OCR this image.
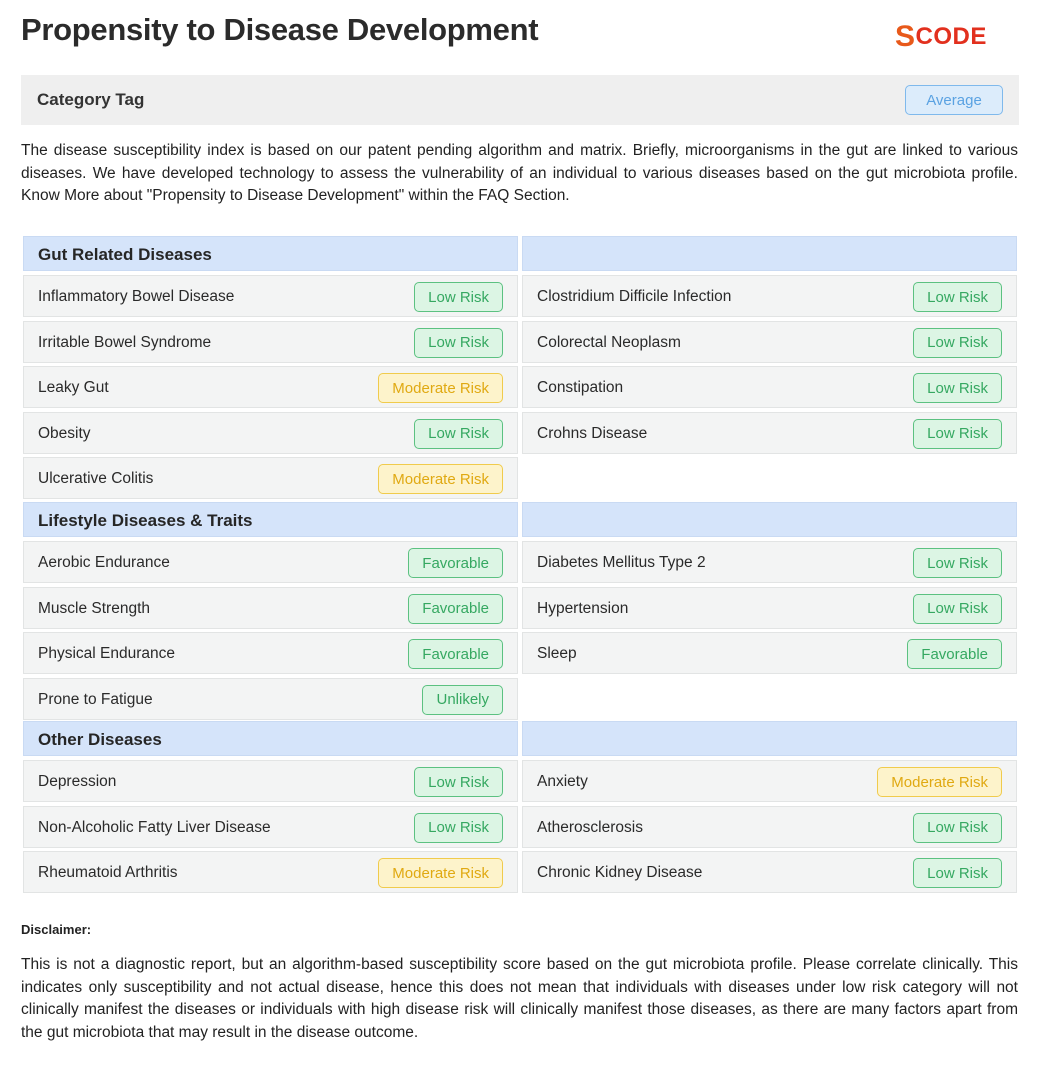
Propensity to Disease Development	S CODE
Category Tag	Average
The disease susceptibility index is based on our patent pending algorithm and matrix. Briefly, microorganisms in the gut are linked to various diseases. We have developed technology to assess the vulnerability of an individual to various diseases based on the gut microbiota profile. Know More about "Propensity to Disease Development" within the FAQ Section.
Gut Related Diseases
Inflammatory Bowel Disease	Low Risk	Clostridium Difficile Infection	Low Risk
Irritable Bowel Syndrome	Low Risk	Colorectal Neoplasm	Low Risk
Leaky Gut	Moderate Risk	Constipation	Low Risk
Obesity	Low Risk	Crohns Disease	Low Risk
Ulcerative Colitis	Moderate Risk
Lifestyle Diseases & Traits
Aerobic Endurance	Favorable	Diabetes Mellitus Type 2	Low Risk
Muscle Strength	Favorable	Hypertension	Low Risk
Physical Endurance	Favorable	Sleep	Favorable
Prone to Fatigue	Unlikely
Other Diseases
Depression	Low Risk	Anxiety	Moderate Risk
Non-Alcoholic Fatty Liver Disease	Low Risk	Atherosclerosis	Low Risk
Rheumatoid Arthritis	Moderate Risk	Chronic Kidney Disease	Low Risk
Disclaimer:
This is not a diagnostic report, but an algorithm-based susceptibility score based on the gut microbiota profile. Please correlate clinically. This indicates only susceptibility and not actual disease, hence this does not mean that individuals with diseases under low risk category will not clinically manifest the diseases or individuals with high disease risk will clinically manifest those diseases, as there are many factors apart from the gut microbiota that may result in the disease outcome.
